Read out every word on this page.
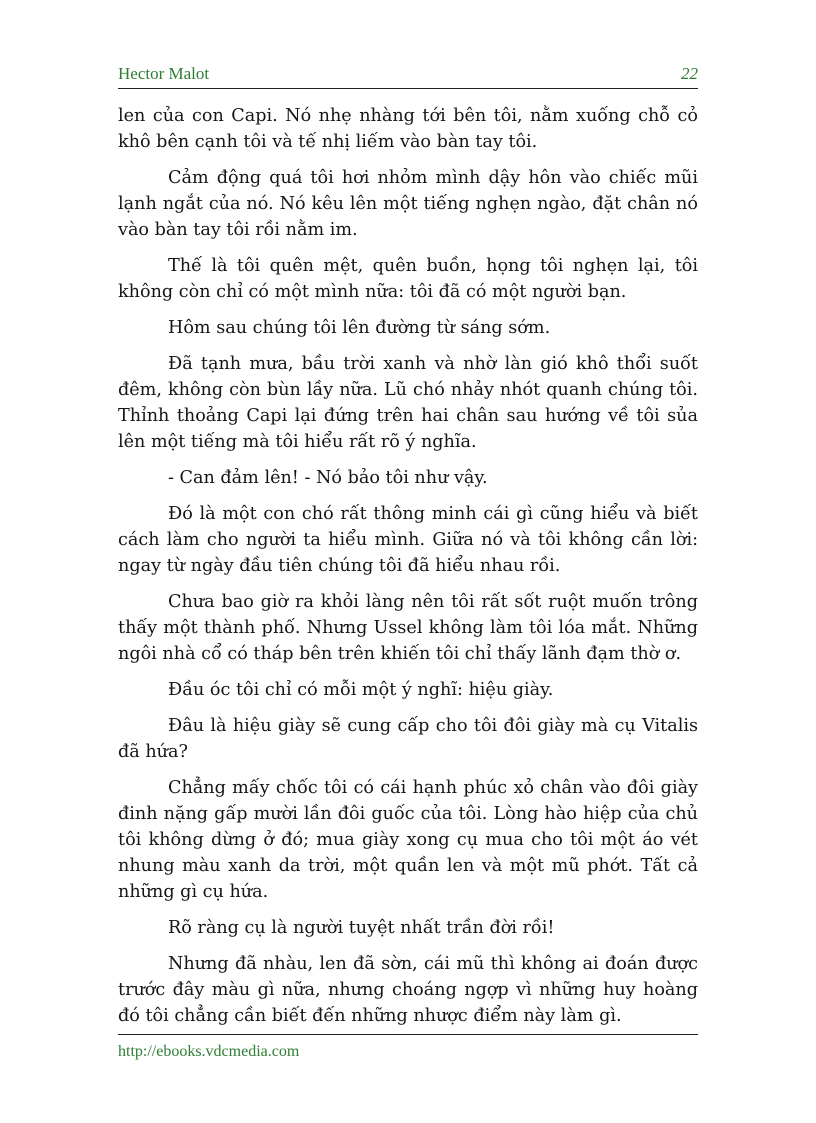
Hector Malot	22

len của con Capi. Nó nhẹ nhàng tới bên tôi, nằm xuống chỗ cỏ khô bên cạnh tôi và tế nhị liếm vào bàn tay tôi.

Cảm động quá tôi hơi nhỏm mình dậy hôn vào chiếc mũi lạnh ngắt của nó. Nó kêu lên một tiếng nghẹn ngào, đặt chân nó vào bàn tay tôi rồi nằm im.

Thế là tôi quên mệt, quên buồn, họng tôi nghẹn lại, tôi không còn chỉ có một mình nữa: tôi đã có một người bạn.

Hôm sau chúng tôi lên đường từ sáng sớm.

Đã tạnh mưa, bầu trời xanh và nhờ làn gió khô thổi suốt đêm, không còn bùn lầy nữa. Lũ chó nhảy nhót quanh chúng tôi. Thỉnh thoảng Capi lại đứng trên hai chân sau hướng về tôi sủa lên một tiếng mà tôi hiểu rất rõ ý nghĩa.

- Can đảm lên! - Nó bảo tôi như vậy.

Đó là một con chó rất thông minh cái gì cũng hiểu và biết cách làm cho người ta hiểu mình. Giữa nó và tôi không cần lời: ngay từ ngày đầu tiên chúng tôi đã hiểu nhau rồi.

Chưa bao giờ ra khỏi làng nên tôi rất sốt ruột muốn trông thấy một thành phố. Nhưng Ussel không làm tôi lóa mắt. Những ngôi nhà cổ có tháp bên trên khiến tôi chỉ thấy lãnh đạm thờ ơ.

Đầu óc tôi chỉ có mỗi một ý nghĩ: hiệu giày.

Đâu là hiệu giày sẽ cung cấp cho tôi đôi giày mà cụ Vitalis đã hứa?

Chẳng mấy chốc tôi có cái hạnh phúc xỏ chân vào đôi giày đinh nặng gấp mười lần đôi guốc của tôi. Lòng hào hiệp của chủ tôi không dừng ở đó; mua giày xong cụ mua cho tôi một áo vét nhung màu xanh da trời, một quần len và một mũ phớt. Tất cả những gì cụ hứa.

Rõ ràng cụ là người tuyệt nhất trần đời rồi!

Nhưng đã nhàu, len đã sờn, cái mũ thì không ai đoán được trước đây màu gì nữa, nhưng choáng ngợp vì những huy hoàng đó tôi chẳng cần biết đến những nhược điểm này làm gì.

http://ebooks.vdcmedia.com
